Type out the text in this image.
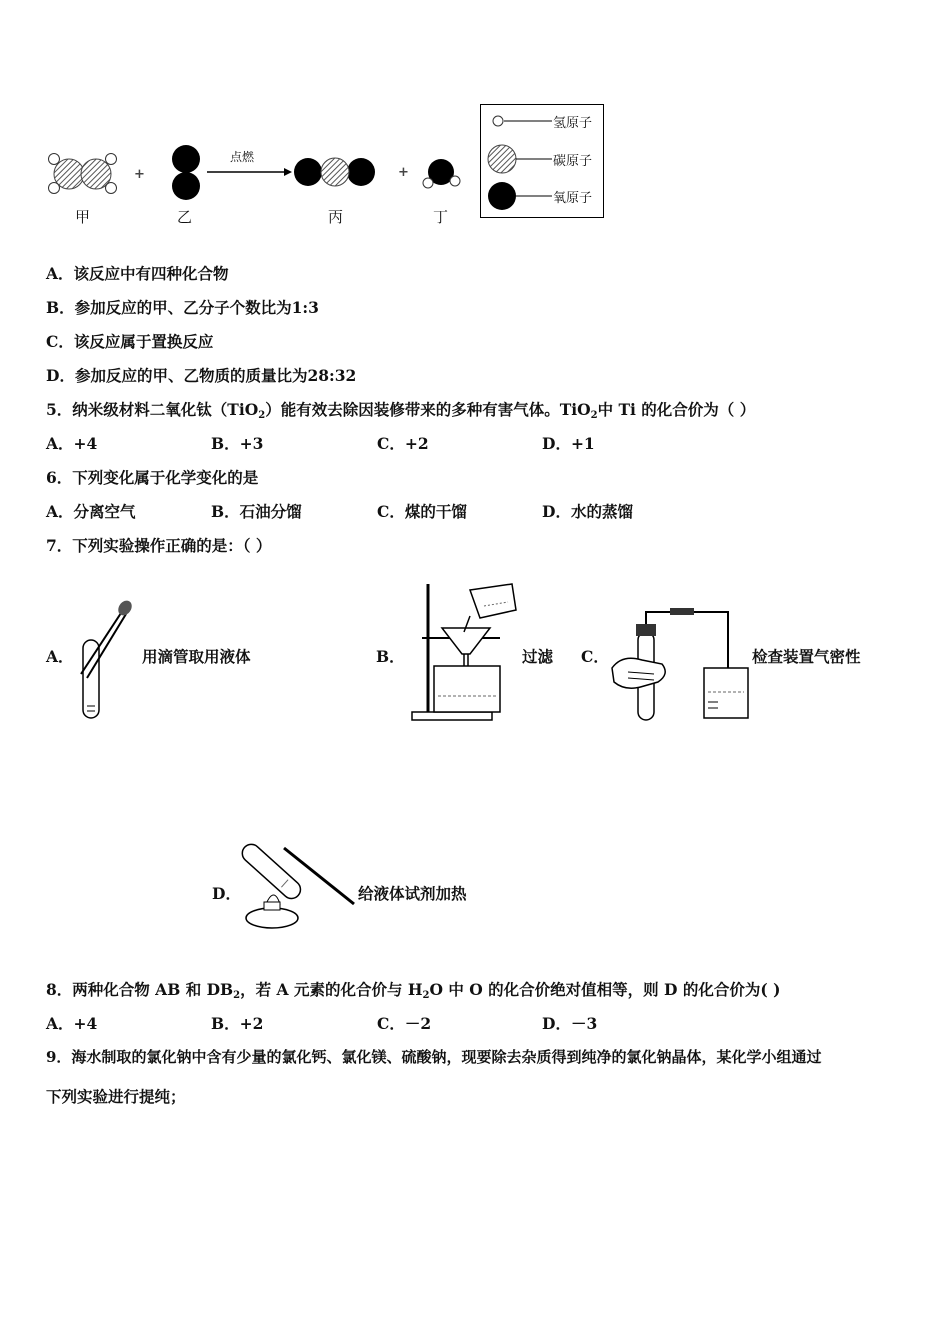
+	+
点燃
甲	乙	丙	丁
氢原子
碳原子
氧原子
A．该反应中有四种化合物
B．参加反应的甲、乙分子个数比为1:3
C．该反应属于置换反应
D．参加反应的甲、乙物质的质量比为28:32
5．纳米级材料二氧化钛（TiO$_2$）能有效去除因装修带来的多种有害气体。TiO$_2$中 Ti 的化合价为（ ）
A．+4	B．+3	C．+2	D．+1
6．下列变化属于化学变化的是
A．分离空气	B．石油分馏	C．煤的干馏	D．水的蒸馏
7．下列实验操作正确的是：（ ）
A．	用滴管取用液体	B．	过滤 C．	检查装置气密性
D．	给液体试剂加热
8．两种化合物 AB 和 $DB_2$，若 A 元素的化合价与 $H_2O$ 中 O 的化合价绝对值相等，则 D 的化合价为( )
A．+4	B．+2	C．－2	D．－3
9．海水制取的氯化钠中含有少量的氯化钙、氯化镁、硫酸钠，现要除去杂质得到纯净的氯化钠晶体，某化学小组通过
下列实验进行提纯；
